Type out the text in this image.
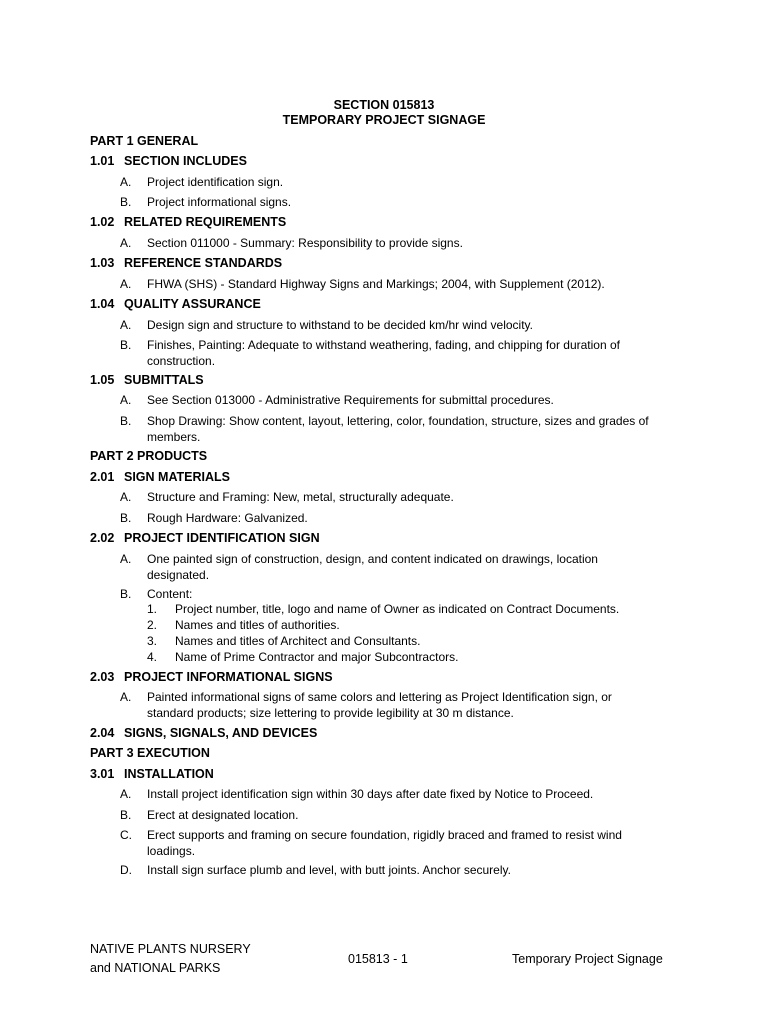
SECTION 015813
TEMPORARY PROJECT SIGNAGE
PART 1 GENERAL
1.01 SECTION INCLUDES
A. Project identification sign.
B. Project informational signs.
1.02 RELATED REQUIREMENTS
A. Section 011000 - Summary: Responsibility to provide signs.
1.03 REFERENCE STANDARDS
A. FHWA (SHS) - Standard Highway Signs and Markings; 2004, with Supplement (2012).
1.04 QUALITY ASSURANCE
A. Design sign and structure to withstand to be decided km/hr wind velocity.
B. Finishes, Painting: Adequate to withstand weathering, fading, and chipping for duration of construction.
1.05 SUBMITTALS
A. See Section 013000 - Administrative Requirements for submittal procedures.
B. Shop Drawing: Show content, layout, lettering, color, foundation, structure, sizes and grades of members.
PART 2 PRODUCTS
2.01 SIGN MATERIALS
A. Structure and Framing: New, metal, structurally adequate.
B. Rough Hardware: Galvanized.
2.02 PROJECT IDENTIFICATION SIGN
A. One painted sign of construction, design, and content indicated on drawings, location designated.
B. Content:
1. Project number, title, logo and name of Owner as indicated on Contract Documents.
2. Names and titles of authorities.
3. Names and titles of Architect and Consultants.
4. Name of Prime Contractor and major Subcontractors.
2.03 PROJECT INFORMATIONAL SIGNS
A. Painted informational signs of same colors and lettering as Project Identification sign, or standard products; size lettering to provide legibility at 30 m distance.
2.04 SIGNS, SIGNALS, AND DEVICES
PART 3 EXECUTION
3.01 INSTALLATION
A. Install project identification sign within 30 days after date fixed by Notice to Proceed.
B. Erect at designated location.
C. Erect supports and framing on secure foundation, rigidly braced and framed to resist wind loadings.
D. Install sign surface plumb and level, with butt joints. Anchor securely.
NATIVE PLANTS NURSERY
and NATIONAL PARKS
015813 - 1	Temporary Project Signage
